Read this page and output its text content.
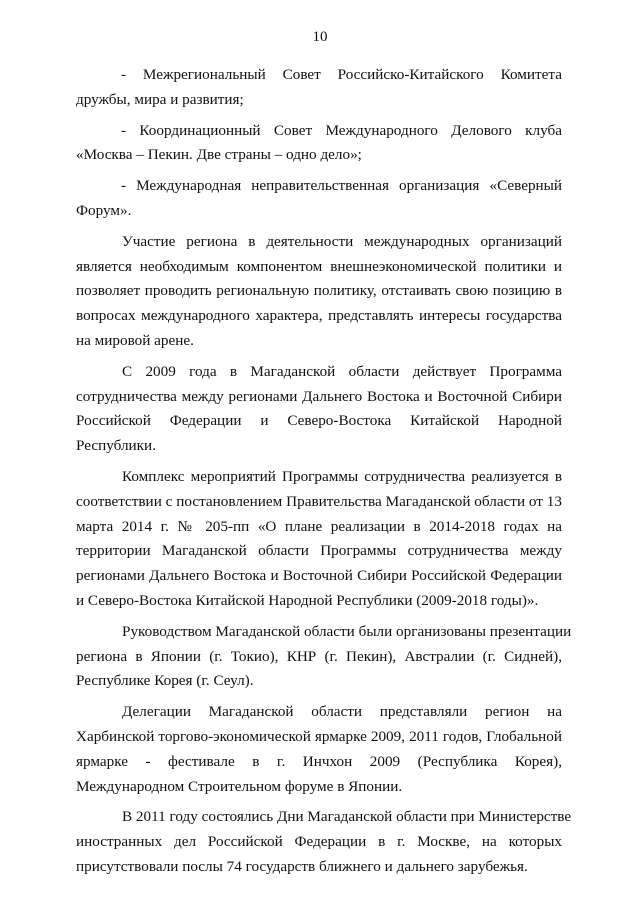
10
- Межрегиональный Совет Российско-Китайского Комитета
дружбы, мира и развития;
- Координационный Совет Международного Делового клуба
«Москва – Пекин. Две страны – одно дело»;
- Международная неправительственная организация «Северный
Форум».
Участие региона в деятельности международных организаций
является необходимым компонентом внешнеэкономической политики и
позволяет проводить региональную политику, отстаивать свою позицию в
вопросах международного характера, представлять интересы государства
на мировой арене.
С 2009 года в Магаданской области действует Программа
сотрудничества между регионами Дальнего Востока и Восточной Сибири
Российской Федерации и Северо-Востока Китайской Народной
Республики.
Комплекс мероприятий Программы сотрудничества реализуется в
соответствии с постановлением Правительства Магаданской области от 13
марта 2014 г. № 205-пп «О плане реализации в 2014-2018 годах на
территории Магаданской области Программы сотрудничества между
регионами Дальнего Востока и Восточной Сибири Российской Федерации
и Северо-Востока Китайской Народной Республики (2009-2018 годы)».
Руководством Магаданской области были организованы презентации
региона в Японии (г. Токио), КНР (г. Пекин), Австралии (г. Сидней),
Республике Корея (г. Сеул).
Делегации Магаданской области представляли регион на
Харбинской торгово-экономической ярмарке 2009, 2011 годов, Глобальной
ярмарке - фестивале в г. Инчхон 2009 (Республика Корея),
Международном Строительном форуме в Японии.
В 2011 году состоялись Дни Магаданской области при Министерстве
иностранных дел Российской Федерации в г. Москве, на которых
присутствовали послы 74 государств ближнего и дальнего зарубежья.
